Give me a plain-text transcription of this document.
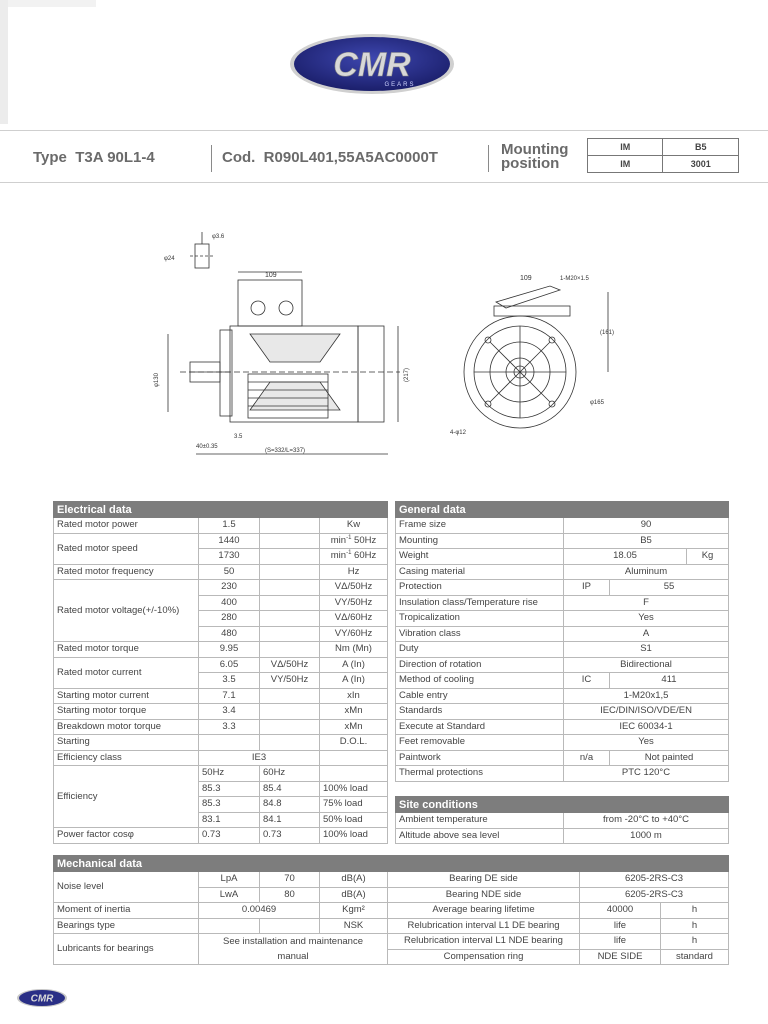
CMR
GEARS
Type T3A 90L1-4	Cod. R090L401,55A5AC0000T	Mounting
position
IM	B5
IM	3001
φ3.6
φ24
109
φ130	(217)
3.5
40±0.35
(S=332/L=337)
109	1-M20×1.5
(161)
φ165
4-φ12
Electrical data			
Rated motor power	1.5		Kw
Rated motor speed	1440		$\min^{-1} 50Hz$
	1730		$\min^{-1} 60Hz$
Rated motor frequency	50		Hz
Rated motor voltage(+/-10%)	230		VΔ/50Hz
	400		VY/50Hz
	280		VΔ/60Hz
	480		VY/60Hz
Rated motor torque	9.95		Nm (Mn)
Rated motor current	6.05	VΔ/50Hz	A (In)
	3.5	VY/50Hz	A (In)
Starting motor current	7.1		xIn
Starting motor torque	3.4		xMn
Breakdown motor torque	3.3		xMn
Starting			D.O.L.
Efficiency class	IE3		
Efficiency	50Hz	60Hz	
	85.3	85.4	100% load
	85.3	84.8	75% load
	83.1	84.1	50% load
Power factor cosφ	0.73	0.73	100% load
General data			
Frame size	90		
Mounting	B5		
Weight	18.05		Kg
Casing material	Aluminum		
Protection	IP	55	
Insulation class/Temperature rise	F		
Tropicalization	Yes		
Vibration class	A		
Duty	S1		
Direction of rotation	Bidirectional		
Method of cooling	IC	411	
Cable entry	1-M20x1,5		
Standards	IEC/DIN/ISO/VDE/EN		
Execute at Standard	IEC 60034-1		
Feet removable	Yes		
Paintwork	n/a	Not painted	
Thermal protections	PTC 120°C		
Site conditions	
Ambient temperature	from -20°C to +40°C
Altitude above sea level	1000 m
Mechanical data						
Noise level	LpA	70	dB(A)	Bearing DE side	6205-2RS-C3	
	LwA	80	dB(A)	Bearing NDE side	6205-2RS-C3	
Moment of inertia	0.00469		Kgm²	Average bearing lifetime	40000	h
Bearings type			NSK	Relubrication interval L1 DE bearing	life	h
Lubricants for bearings	See installation and maintenance
manual			Relubrication interval L1 NDE bearing	life	h
				Compensation ring	NDE SIDE	standard
CMR
